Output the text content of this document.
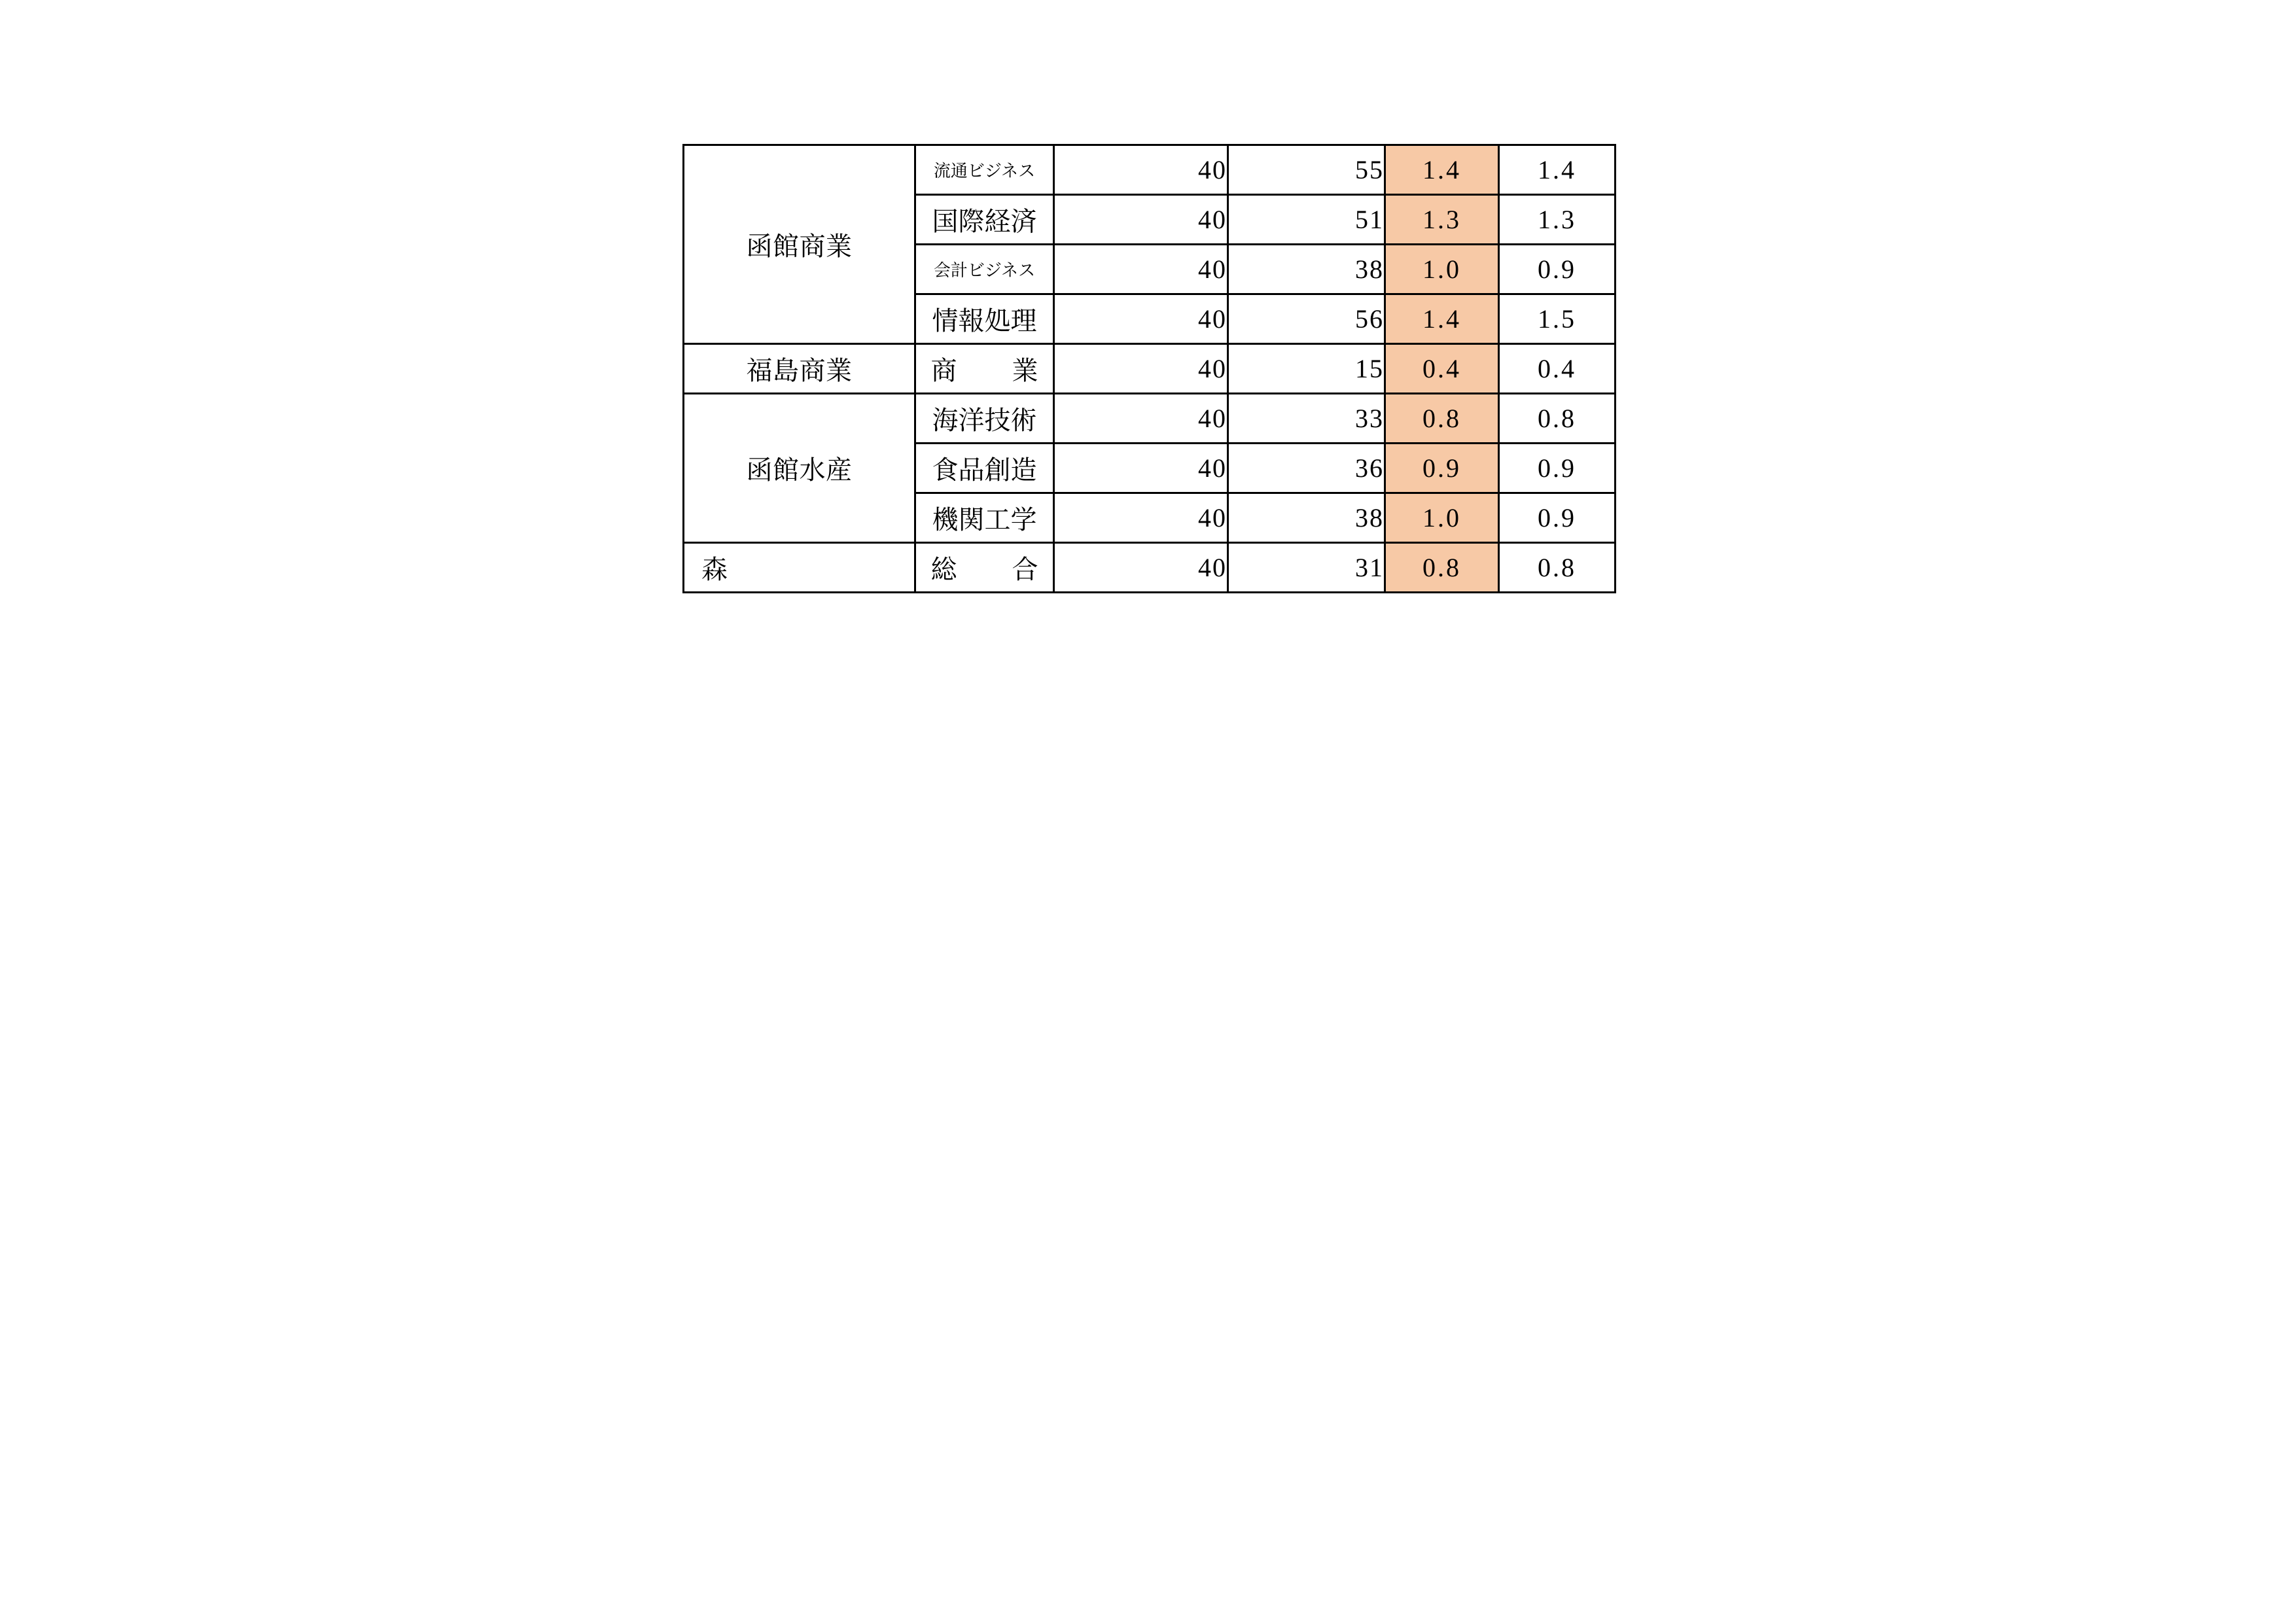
函館商業	流通ビジネス	40	55	1.4	1.4
	国際経済	40	51	1.3	1.3
	会計ビジネス	40	38	1.0	0.9
	情報処理	40	56	1.4	1.5
福島商業	商　業	40	15	0.4	0.4
函館水産	海洋技術	40	33	0.8	0.8
	食品創造	40	36	0.9	0.9
	機関工学	40	38	1.0	0.9
森	総　合	40	31	0.8	0.8
